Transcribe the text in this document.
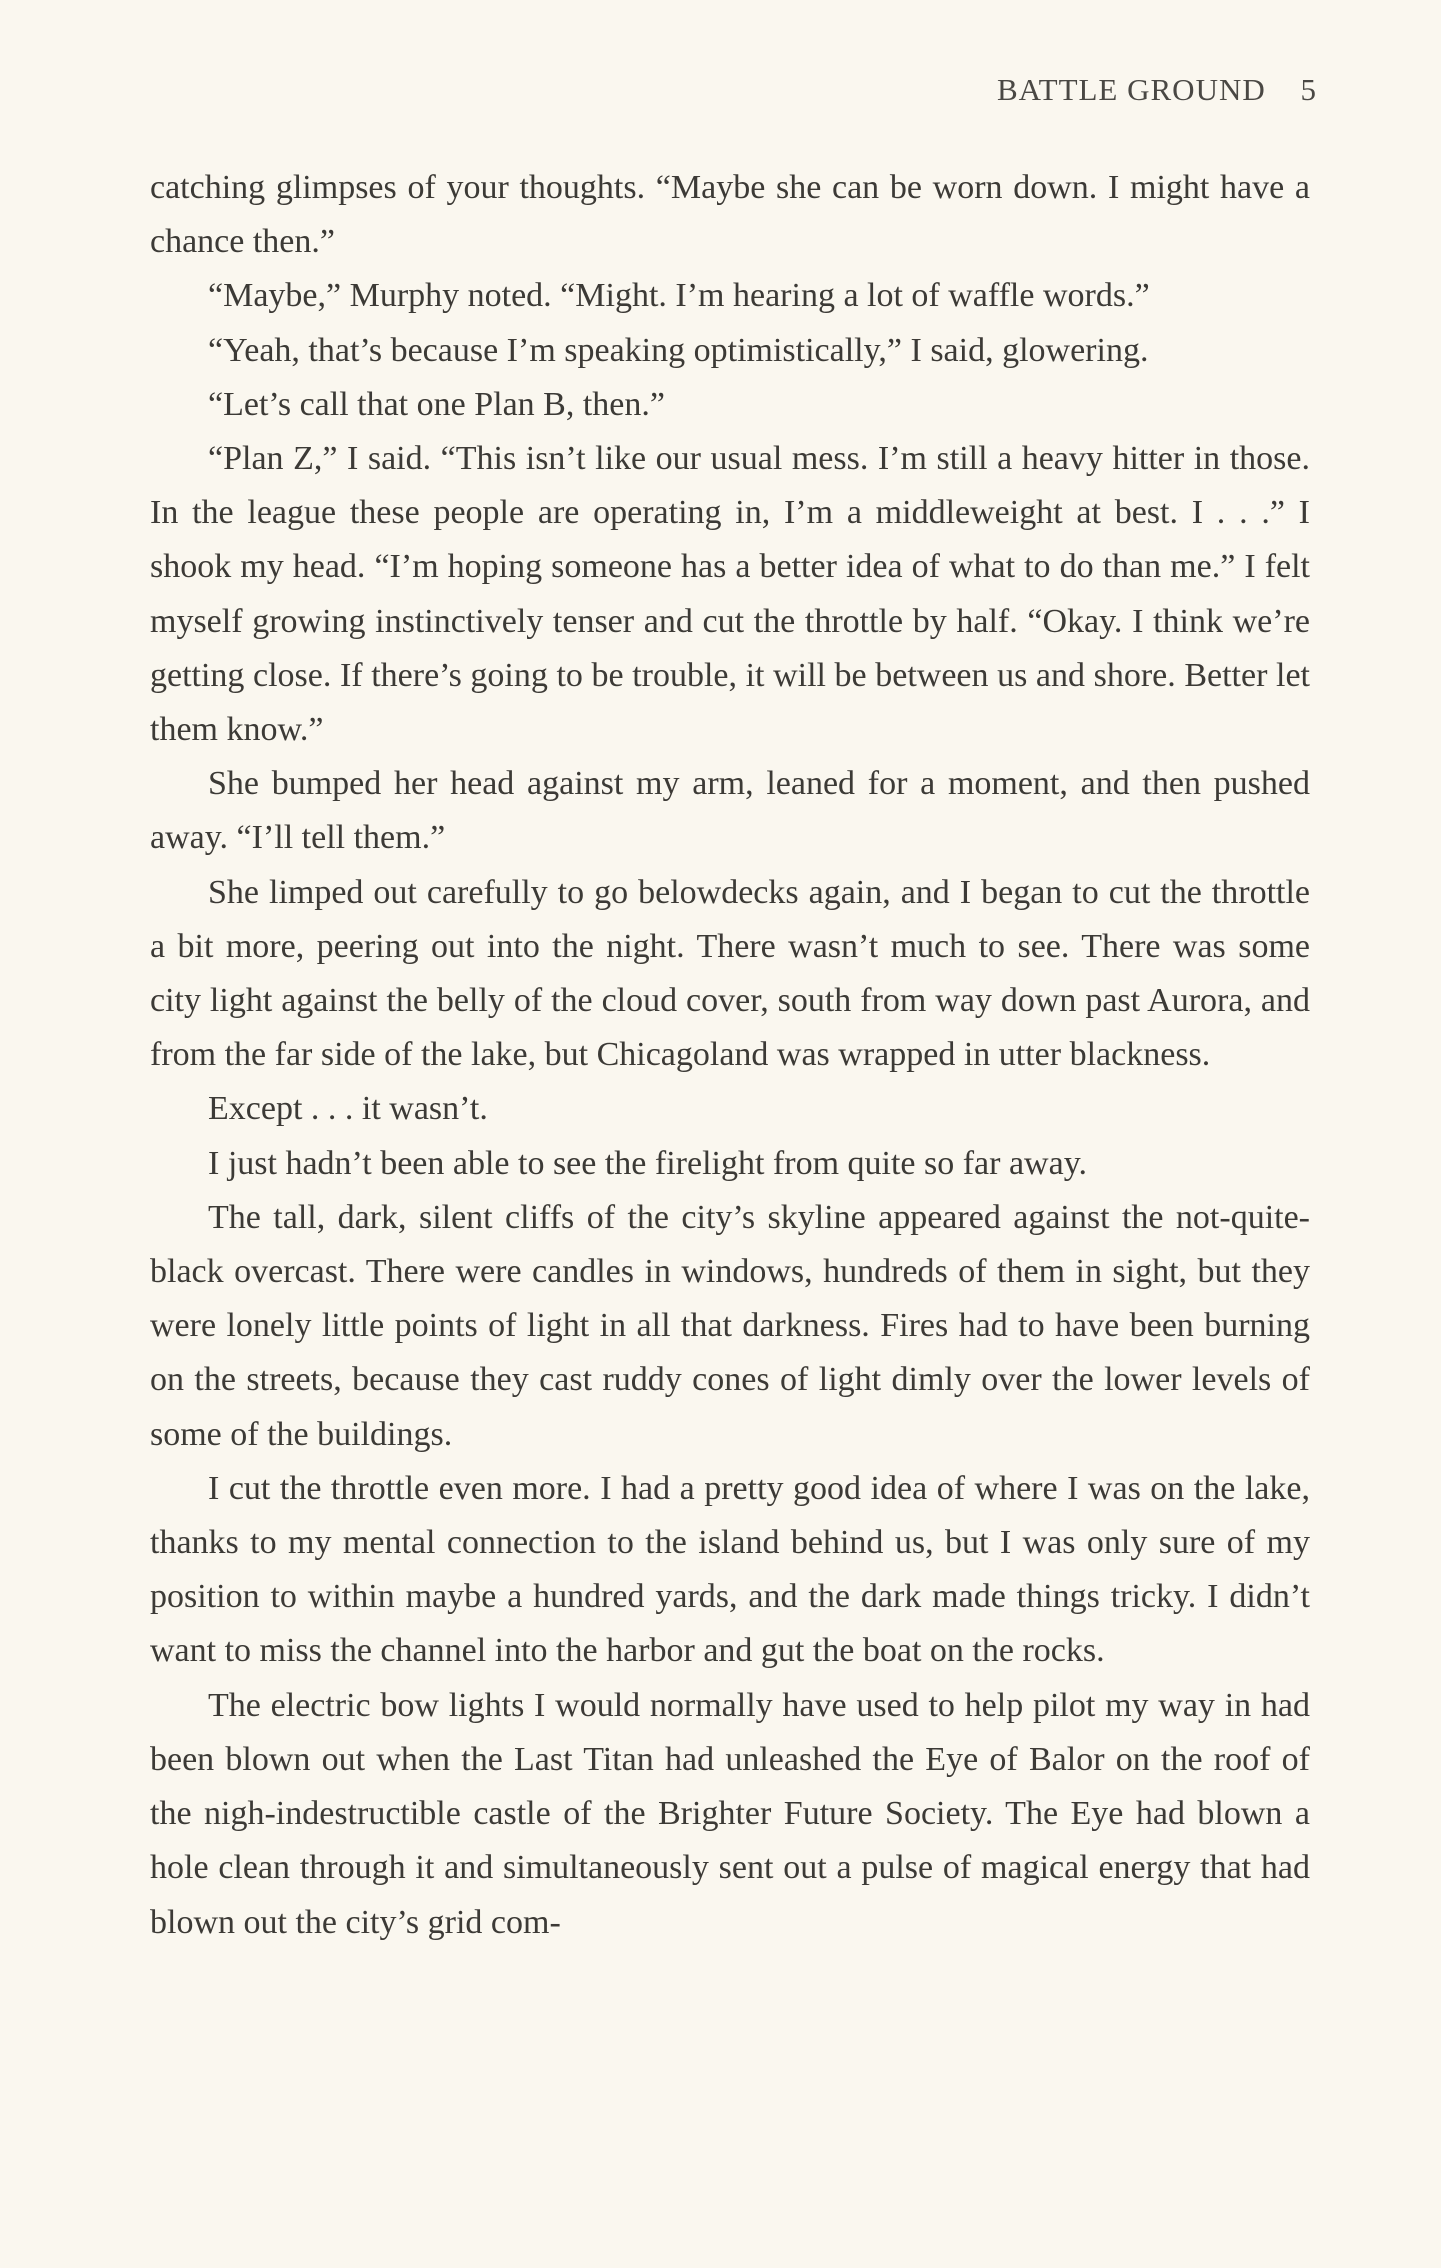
BATTLE GROUND 5

catching glimpses of your thoughts. “Maybe she can be worn down. I might have a chance then.”

“Maybe,” Murphy noted. “Might. I’m hearing a lot of waffle words.”

“Yeah, that’s because I’m speaking optimistically,” I said, glowering.

“Let’s call that one Plan B, then.”

“Plan Z,” I said. “This isn’t like our usual mess. I’m still a heavy hitter in those. In the league these people are operating in, I’m a middleweight at best. I . . .” I shook my head. “I’m hoping someone has a better idea of what to do than me.” I felt myself growing instinctively tenser and cut the throttle by half. “Okay. I think we’re getting close. If there’s going to be trouble, it will be between us and shore. Better let them know.”

She bumped her head against my arm, leaned for a moment, and then pushed away. “I’ll tell them.”

She limped out carefully to go belowdecks again, and I began to cut the throttle a bit more, peering out into the night. There wasn’t much to see. There was some city light against the belly of the cloud cover, south from way down past Aurora, and from the far side of the lake, but Chicagoland was wrapped in utter blackness.

Except . . . it wasn’t.

I just hadn’t been able to see the firelight from quite so far away.

The tall, dark, silent cliffs of the city’s skyline appeared against the not-quite-black overcast. There were candles in windows, hundreds of them in sight, but they were lonely little points of light in all that darkness. Fires had to have been burning on the streets, because they cast ruddy cones of light dimly over the lower levels of some of the buildings.

I cut the throttle even more. I had a pretty good idea of where I was on the lake, thanks to my mental connection to the island behind us, but I was only sure of my position to within maybe a hundred yards, and the dark made things tricky. I didn’t want to miss the channel into the harbor and gut the boat on the rocks.

The electric bow lights I would normally have used to help pilot my way in had been blown out when the Last Titan had unleashed the Eye of Balor on the roof of the nigh-indestructible castle of the Brighter Future Society. The Eye had blown a hole clean through it and simultaneously sent out a pulse of magical energy that had blown out the city’s grid com-
